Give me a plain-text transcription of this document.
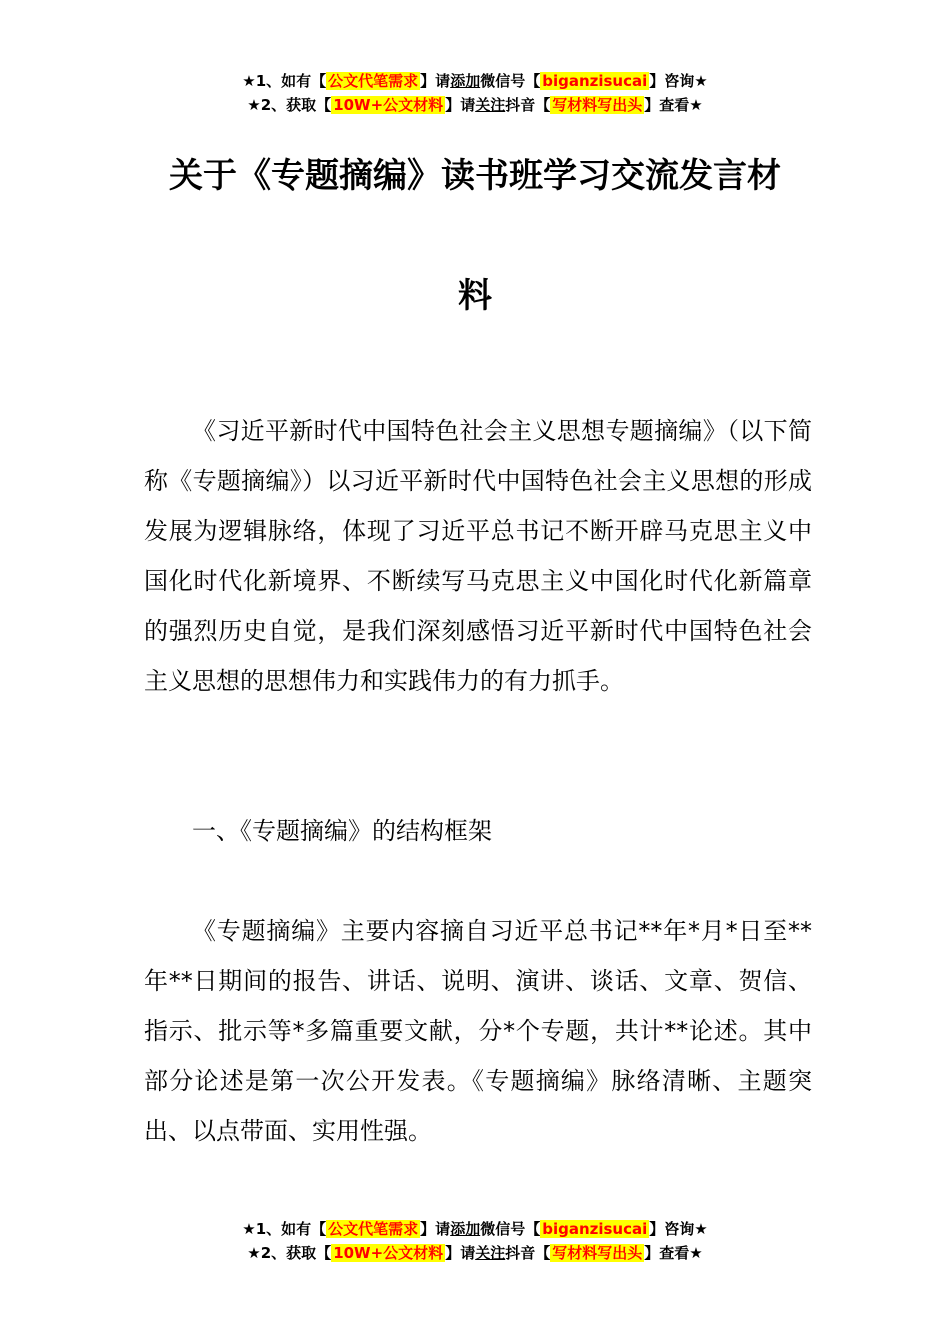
★1、如有【 公文代笔需求 】请添加微信号【 biganzisucai 】咨询★
★2、获取【 10W+公文材料 】请关注抖音【 写材料写出头 】查看★
关于《专题摘编》读书班学习交流发言材
料

《习近平新时代中国特色社会主义思想专题摘编》（以下简称《专题摘编》）以习近平新时代中国特色社会主义思想的形成发展为逻辑脉络，体现了习近平总书记不断开辟马克思主义中国化时代化新境界、不断续写马克思主义中国化时代化新篇章的强烈历史自觉，是我们深刻感悟习近平新时代中国特色社会主义思想的思想伟力和实践伟力的有力抓手。

一、《专题摘编》的结构框架

《专题摘编》主要内容摘自习近平总书记**年*月*日至**年**日期间的报告、讲话、说明、演讲、谈话、文章、贺信、指示、批示等*多篇重要文献，分*个专题，共计**论述。其中部分论述是第一次公开发表。《专题摘编》脉络清晰、主题突出、以点带面、实用性强。

★1、如有【 公文代笔需求 】请添加微信号【 biganzisucai 】咨询★
★2、获取【 10W+公文材料 】请关注抖音【 写材料写出头 】查看★
